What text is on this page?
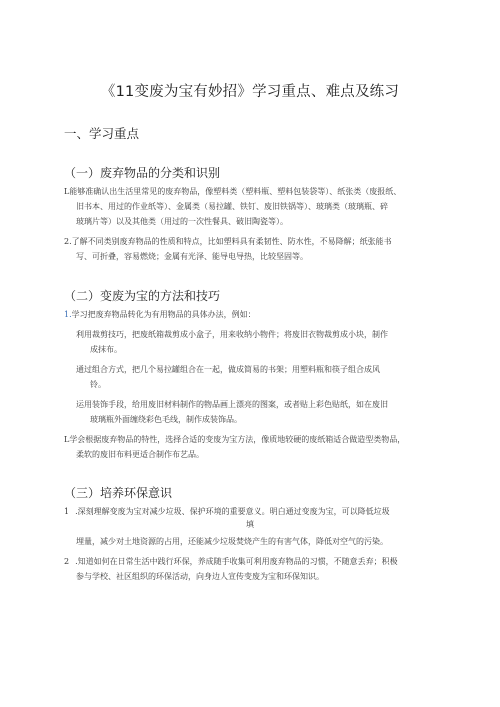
《11变废为宝有妙招》学习重点、难点及练习
一、学习重点
（一）废弃物品的分类和识别
L能够准确认出生活里常见的废弃物品，像塑料类（塑料瓶、塑料包装袋等）、纸张类（废报纸、
旧书本、用过的作业纸等）、金属类（易拉罐、铁钉、废旧铁锅等）、玻璃类（玻璃瓶、碎
玻璃片等）以及其他类（用过的一次性餐具、破旧陶瓷等）。
2.了解不同类别废弃物品的性质和特点，比如塑料具有柔韧性、防水性，不易降解；纸张能书
写、可折叠，容易燃烧；金属有光泽、能导电导热，比较坚固等。
（二）变废为宝的方法和技巧
1.学习把废弃物品转化为有用物品的具体办法，例如：
利用裁剪技巧，把废纸箱裁剪成小盒子，用来收纳小物件；将废旧衣物裁剪成小块，制作
成抹布。
通过组合方式，把几个易拉罐组合在一起，做成简易的书架；用塑料瓶和筷子组合成风
铃。
运用装饰手段，给用废旧材料制作的物品画上漂亮的图案，或者贴上彩色贴纸，如在废旧
玻璃瓶外面缠绕彩色毛线，制作成装饰品。
L学会根据废弃物品的特性，选择合适的变废为宝方法，像质地较硬的废纸箱适合做造型类物品，
柔软的废旧布料更适合制作布艺品。
（三）培养环保意识
1 .深刻理解变废为宝对减少垃圾、保护环境的重要意义。明白通过变废为宝，可以降低垃圾
填
埋量，减少对土地资源的占用，还能减少垃圾焚烧产生的有害气体，降低对空气的污染。
2 .知道如何在日常生活中践行环保，养成随手收集可利用废弃物品的习惯，不随意丢弃；积极
参与学校、社区组织的环保活动，向身边人宣传变废为宝和环保知识。
